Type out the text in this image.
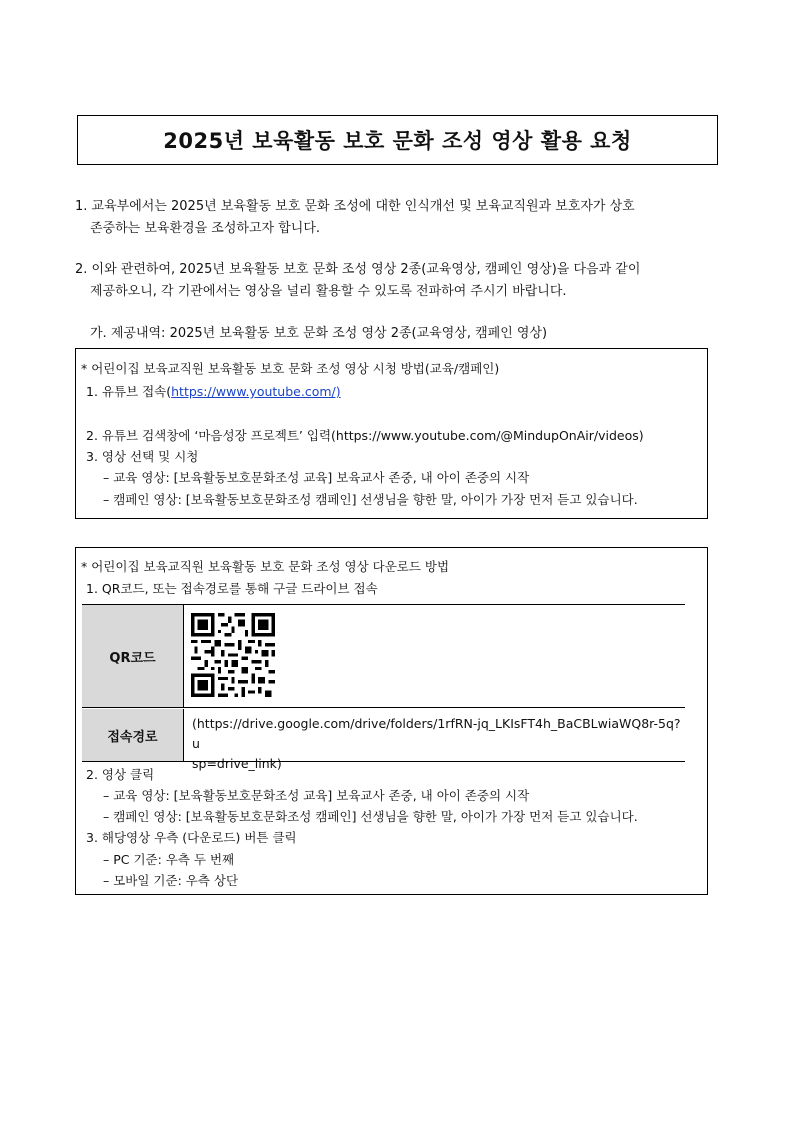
2025년 보육활동 보호 문화 조성 영상 활용 요청
1. 교육부에서는 2025년 보육활동 보호 문화 조성에 대한 인식개선 및 보육교직원과 보호자가 상호
존중하는 보육환경을 조성하고자 합니다.
2. 이와 관련하여, 2025년 보육활동 보호 문화 조성 영상 2종(교육영상, 캠페인 영상)을 다음과 같이
제공하오니, 각 기관에서는 영상을 널리 활용할 수 있도록 전파하여 주시기 바랍니다.
가. 제공내역: 2025년 보육활동 보호 문화 조성 영상 2종(교육영상, 캠페인 영상)
* 어린이집 보육교직원 보육활동 보호 문화 조성 영상 시청 방법(교육/캠페인)
1. 유튜브 접속(https://www.youtube.com/)
2. 유튜브 검색창에 ‘마음성장 프로젝트’ 입력(https://www.youtube.com/@MindupOnAir/videos)
3. 영상 선택 및 시청
– 교육 영상: [보육활동보호문화조성 교육] 보육교사 존중, 내 아이 존중의 시작
– 캠페인 영상: [보육활동보호문화조성 캠페인] 선생님을 향한 말, 아이가 가장 먼저 듣고 있습니다.
* 어린이집 보육교직원 보육활동 보호 문화 조성 영상 다운로드 방법
1. QR코드, 또는 접속경로를 통해 구글 드라이브 접속
2. 영상 클릭
– 교육 영상: [보육활동보호문화조성 교육] 보육교사 존중, 내 아이 존중의 시작
– 캠페인 영상: [보육활동보호문화조성 캠페인] 선생님을 향한 말, 아이가 가장 먼저 듣고 있습니다.
3. 해당영상 우측 (다운로드) 버튼 클릭
– PC 기준: 우측 두 번째
– 모바일 기준: 우측 상단
QR코드
접속경로
(https://drive.google.com/drive/folders/1rfRN-jq_LKIsFT4h_BaCBLwiaWQ8r-5q?u
sp=drive_link)
